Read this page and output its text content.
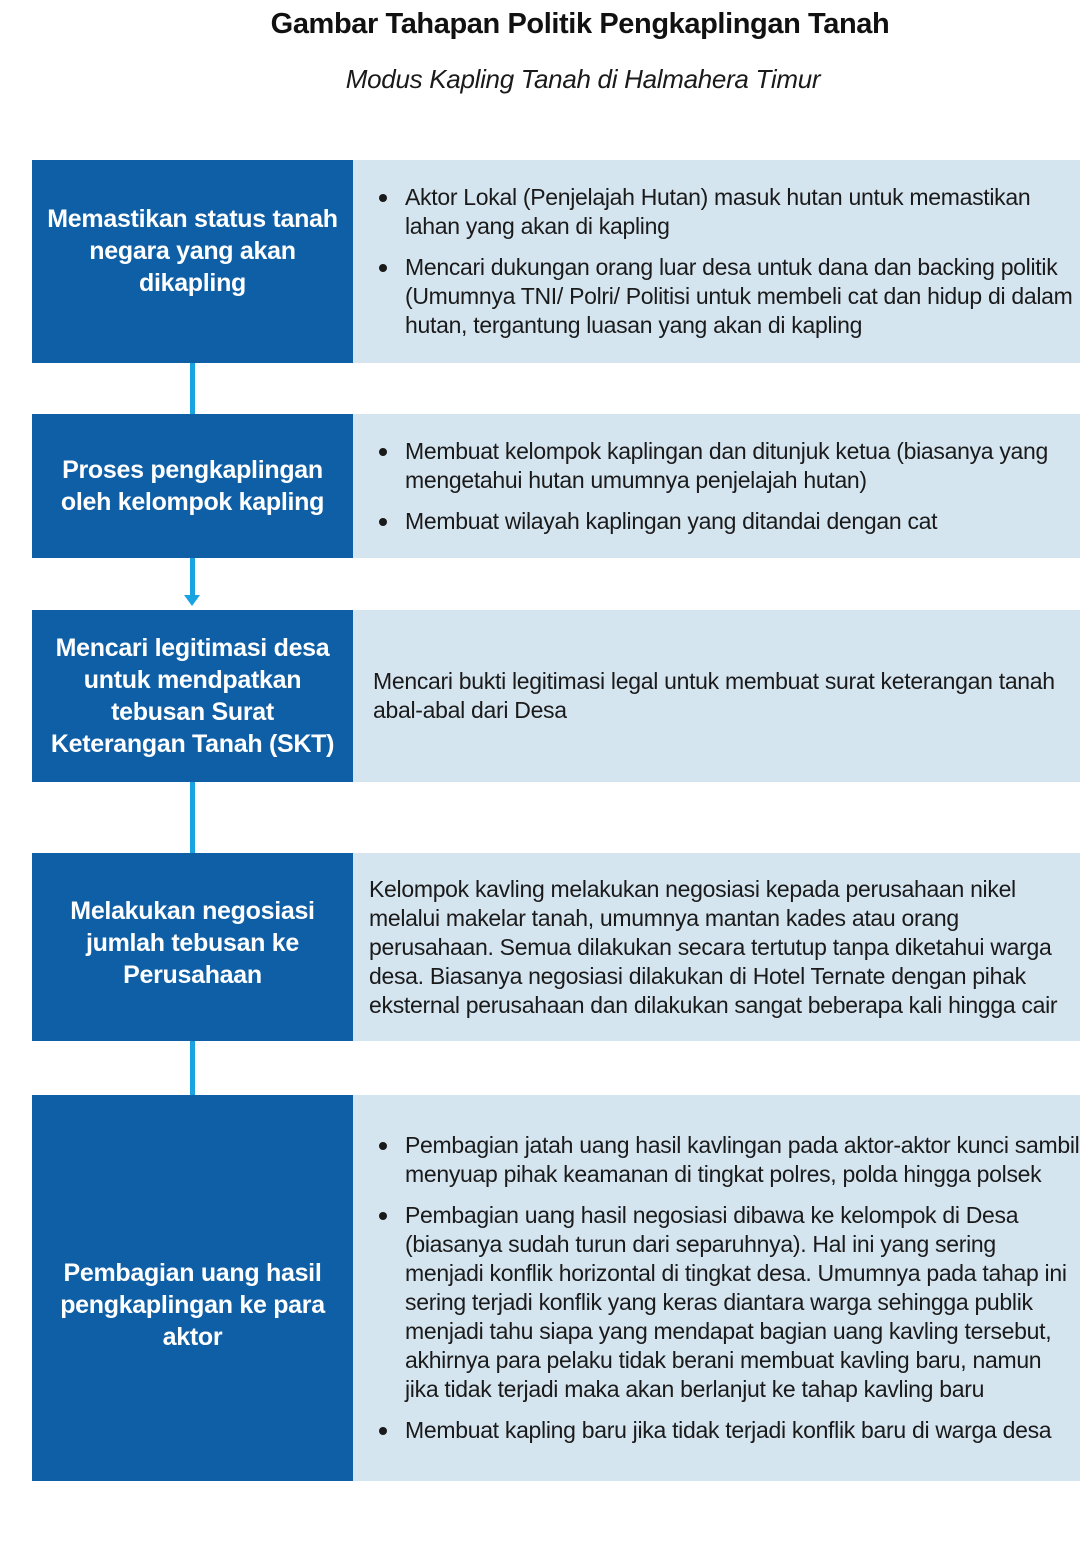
Gambar Tahapan Politik Pengkaplingan Tanah
Modus Kapling Tanah di Halmahera Timur
Memastikan status tanah negara yang akan dikapling
Aktor Lokal (Penjelajah Hutan) masuk hutan untuk memastikan lahan yang akan di kapling
Mencari dukungan orang luar desa untuk dana dan backing politik (Umumnya TNI/ Polri/ Politisi untuk membeli cat dan hidup di dalam hutan, tergantung luasan yang akan di kapling
Proses pengkaplingan oleh kelompok kapling
Membuat kelompok kaplingan dan ditunjuk ketua (biasanya yang mengetahui hutan umumnya penjelajah hutan)
Membuat wilayah kaplingan yang ditandai dengan cat
Mencari legitimasi desa untuk mendpatkan tebusan Surat Keterangan Tanah (SKT)
Mencari bukti legitimasi legal untuk membuat surat keterangan tanah abal-abal dari Desa
Melakukan negosiasi jumlah tebusan ke Perusahaan
Kelompok kavling melakukan negosiasi kepada perusahaan nikel melalui makelar tanah, umumnya mantan kades atau orang perusahaan. Semua dilakukan secara tertutup tanpa diketahui warga desa. Biasanya negosiasi dilakukan di Hotel Ternate dengan pihak eksternal perusahaan dan dilakukan sangat beberapa kali hingga cair
Pembagian uang hasil pengkaplingan ke para aktor
Pembagian jatah uang hasil kavlingan pada aktor-aktor kunci sambil menyuap pihak keamanan di tingkat polres, polda hingga polsek
Pembagian uang hasil negosiasi dibawa ke kelompok di Desa (biasanya sudah turun dari separuhnya). Hal ini yang sering menjadi konflik horizontal di tingkat desa. Umumnya pada tahap ini sering terjadi konflik yang keras diantara warga sehingga publik menjadi tahu siapa yang mendapat bagian uang kavling tersebut, akhirnya para pelaku tidak berani membuat kavling baru, namun jika tidak terjadi maka akan berlanjut ke tahap kavling baru
Membuat kapling baru jika tidak terjadi konflik baru di warga desa
